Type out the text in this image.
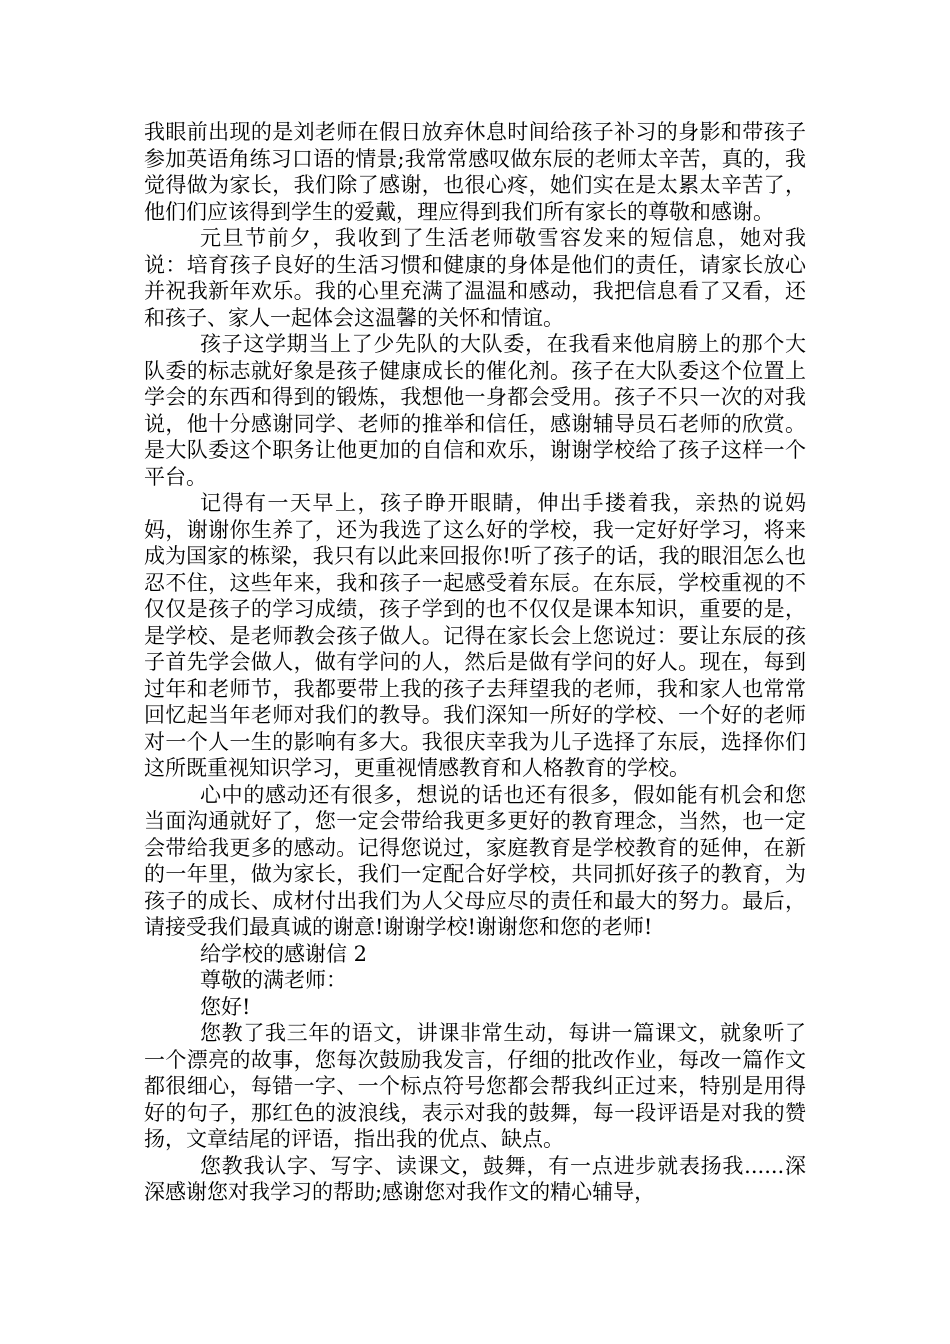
我眼前出现的是刘老师在假日放弃休息时间给孩子补习的身影和带孩子参加英语角练习口语的情景;我常常感叹做东辰的老师太辛苦，真的，我觉得做为家长，我们除了感谢，也很心疼，她们实在是太累太辛苦了，他们们应该得到学生的爱戴，理应得到我们所有家长的尊敬和感谢。

元旦节前夕，我收到了生活老师敬雪容发来的短信息，她对我说：培育孩子良好的生活习惯和健康的身体是他们的责任，请家长放心并祝我新年欢乐。我的心里充满了温温和感动，我把信息看了又看，还和孩子、家人一起体会这温馨的关怀和情谊。

孩子这学期当上了少先队的大队委，在我看来他肩膀上的那个大队委的标志就好象是孩子健康成长的催化剂。孩子在大队委这个位置上学会的东西和得到的锻炼，我想他一身都会受用。孩子不只一次的对我说，他十分感谢同学、老师的推举和信任，感谢辅导员石老师的欣赏。是大队委这个职务让他更加的自信和欢乐，谢谢学校给了孩子这样一个平台。

记得有一天早上，孩子睁开眼睛，伸出手搂着我，亲热的说妈妈，谢谢你生养了，还为我选了这么好的学校，我一定好好学习，将来成为国家的栋梁，我只有以此来回报你!听了孩子的话，我的眼泪怎么也忍不住，这些年来，我和孩子一起感受着东辰。在东辰，学校重视的不仅仅是孩子的学习成绩，孩子学到的也不仅仅是课本知识，重要的是，是学校、是老师教会孩子做人。记得在家长会上您说过：要让东辰的孩子首先学会做人，做有学问的人，然后是做有学问的好人。现在，每到过年和老师节，我都要带上我的孩子去拜望我的老师，我和家人也常常回忆起当年老师对我们的教导。我们深知一所好的学校、一个好的老师对一个人一生的影响有多大。我很庆幸我为儿子选择了东辰，选择你们这所既重视知识学习，更重视情感教育和人格教育的学校。

心中的感动还有很多，想说的话也还有很多，假如能有机会和您当面沟通就好了，您一定会带给我更多更好的教育理念，当然，也一定会带给我更多的感动。记得您说过，家庭教育是学校教育的延伸，在新的一年里，做为家长，我们一定配合好学校，共同抓好孩子的教育，为孩子的成长、成材付出我们为人父母应尽的责任和最大的努力。最后，请接受我们最真诚的谢意!谢谢学校!谢谢您和您的老师!

给学校的感谢信 2

尊敬的满老师：

您好!

您教了我三年的语文，讲课非常生动，每讲一篇课文，就象听了一个漂亮的故事，您每次鼓励我发言，仔细的批改作业，每改一篇作文都很细心，每错一字、一个标点符号您都会帮我纠正过来，特别是用得好的句子，那红色的波浪线，表示对我的鼓舞，每一段评语是对我的赞扬，文章结尾的评语，指出我的优点、缺点。

您教我认字、写字、读课文，鼓舞，有一点进步就表扬我......深深感谢您对我学习的帮助;感谢您对我作文的精心辅导，
